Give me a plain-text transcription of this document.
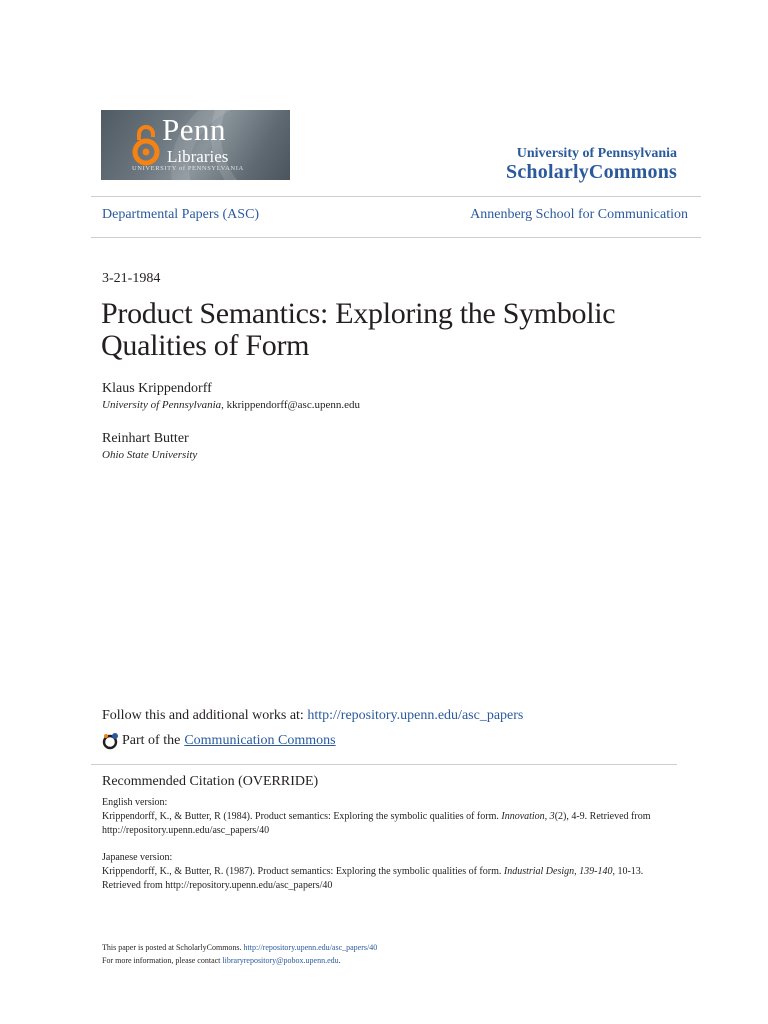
Penn
Libraries
UNIVERSITY of PENNSYLVANIA
University of Pennsylvania
ScholarlyCommons
Departmental Papers (ASC)	Annenberg School for Communication
3-21-1984
Product Semantics: Exploring the Symbolic Qualities of Form
Klaus Krippendorff
University of Pennsylvania, kkrippendorff@asc.upenn.edu
Reinhart Butter
Ohio State University
Follow this and additional works at: http://repository.upenn.edu/asc_papers
Part of the Communication Commons
Recommended Citation (OVERRIDE)
English version:
Krippendorff, K., & Butter, R (1984). Product semantics: Exploring the symbolic qualities of form. Innovation, 3(2), 4-9. Retrieved from http://repository.upenn.edu/asc_papers/40
Japanese version:
Krippendorff, K., & Butter, R. (1987). Product semantics: Exploring the symbolic qualities of form. Industrial Design, 139-140, 10-13. Retrieved from http://repository.upenn.edu/asc_papers/40
This paper is posted at ScholarlyCommons. http://repository.upenn.edu/asc_papers/40
For more information, please contact libraryrepository@pobox.upenn.edu.
